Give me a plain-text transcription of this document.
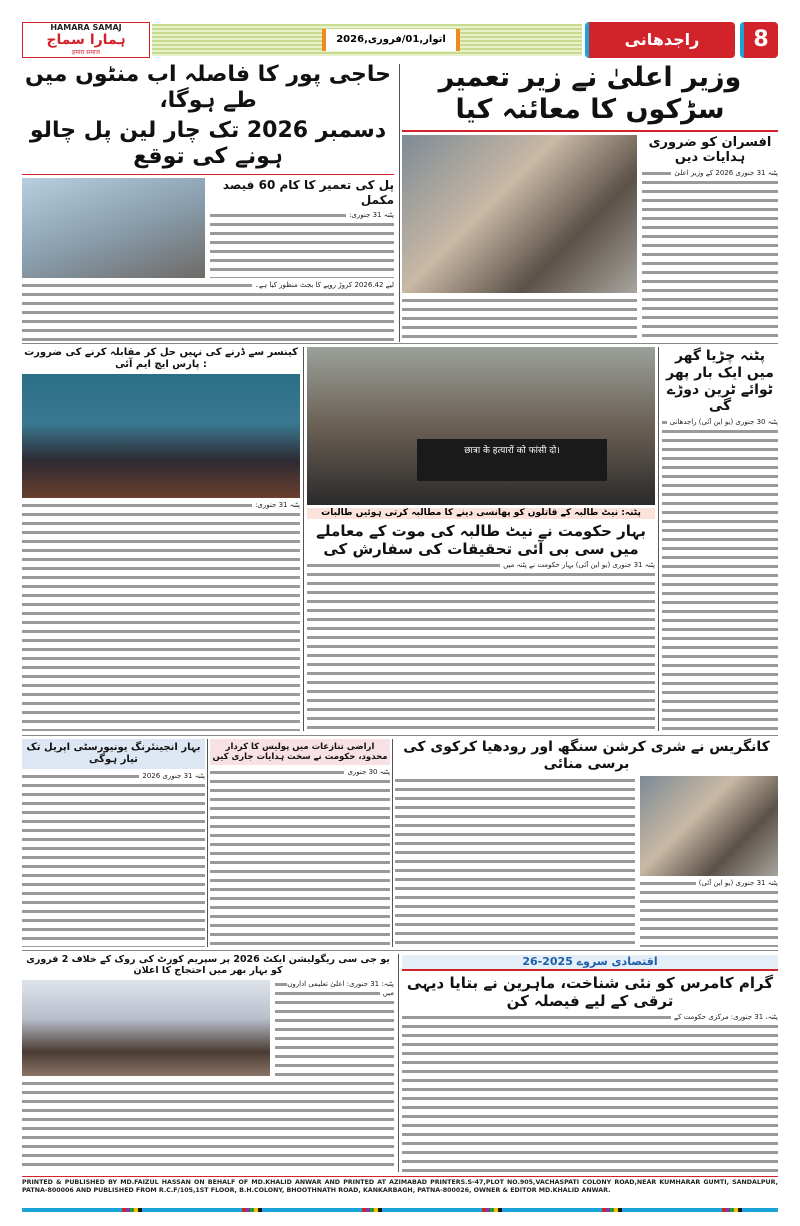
HAMARA SAMAJ
ہمارا سماج
हमारा समाज
اتوار,01/فروری,2026	راجدھانی	8
وزیر اعلیٰ نے زیر تعمیر سڑکوں کا معائنہ کیا
افسران کو ضروری ہدایات دیں
پٹنہ 31 جنوری 2026 کے وزیر اعلیٰ
حاجی پور کا فاصلہ اب منٹوں میں طے ہوگا،
دسمبر 2026 تک چار لین پل چالو ہونے کی توقع
پل کی تعمیر کا کام 60 فیصد مکمل
پٹنہ 31 جنوری:
لیے 2026.42 کروڑ روپے کا بجٹ منظور کیا ہے۔
کینسر سے ڈرنے کی نہیں حل کر مقابلہ کرنے کی ضرورت : پارس ایچ ایم آئی
پٹنہ 31 جنوری:
छात्रा के हत्यारों को फांसी दो।
پٹنہ: نیٹ طالبہ کے قاتلوں کو پھانسی دینے کا مطالبہ کرتی ہوئیں طالبات
بہار حکومت نے نیٹ طالبہ کی موت کے معاملے میں سی بی آئی تحقیقات کی سفارش کی
پٹنہ 31 جنوری (یو این آئی) بہار حکومت نے پٹنہ میں
پٹنہ چڑیا گھر میں ایک بار پھر ٹوائے ٹرین دوڑے گی
پٹنہ 30 جنوری (یو این آئی) راجدھانی
کانگریس نے شری کرشن سنگھ اور رودھیا کرکوی کی برسی منائی
پٹنہ 31 جنوری (یو این آئی)
اراضی تنازعات میں پولیس کا کردار محدود، حکومت نے سخت ہدایات جاری کیں
پٹنہ 30 جنوری
بہار انجینئرنگ یونیورسٹی اپریل تک تیار ہوگی
پٹنہ 31 جنوری 2026
یو جی سی ریگولیشن ایکٹ 2026 پر سپریم کورٹ کی روک کے خلاف 2 فروری کو بہار بھر میں احتجاج کا اعلان
پٹنہ: 31 جنوری: اعلیٰ تعلیمی اداروں میں
اقتصادی سروے 2025-26
گرام کامرس کو نئی شناخت، ماہرین نے بتایا دیہی ترقی کے لیے فیصلہ کن
پٹنہ، 31 جنوری: مرکزی حکومت کے
PRINTED & PUBLISHED BY MD.FAIZUL HASSAN ON BEHALF OF MD.KHALID ANWAR AND PRINTED AT AZIMABAD PRINTERS.S-47,PLOT NO.905,VACHASPATI COLONY ROAD,NEAR KUMHARAR GUMTI, SANDALPUR, PATNA-800006 AND PUBLISHED FROM R.C.F/105,1ST FLOOR, B.H.COLONY, BHOOTHNATH ROAD, KANKARBAGH, PATNA-800026, OWNER & EDITOR MD.KHALID ANWAR.
